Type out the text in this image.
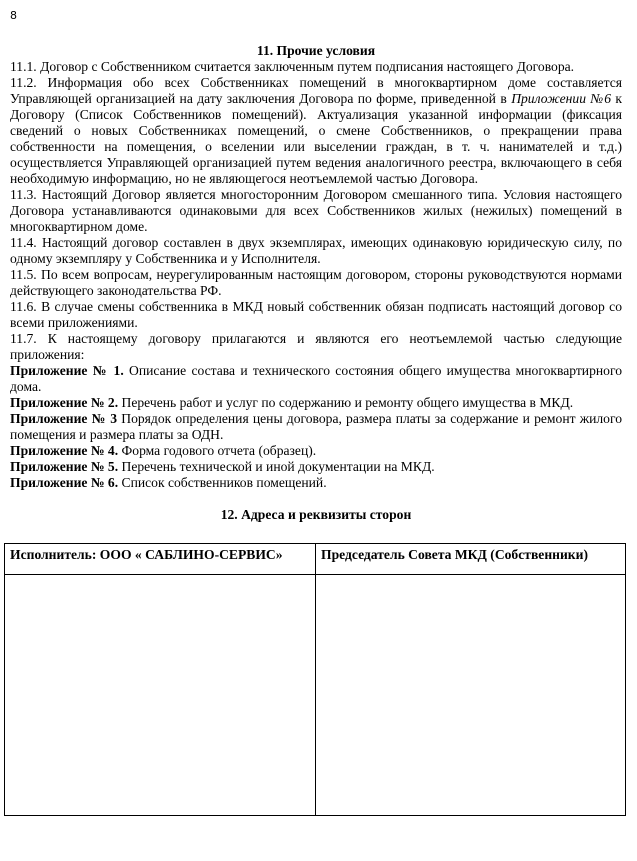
8

11. Прочие условия

11.1. Договор с Собственником считается заключенным путем подписания настоящего Договора.

11.2. Информация обо всех Собственниках помещений в многоквартирном доме составляется Управляющей организацией на дату заключения Договора по форме, приведенной в Приложении №6 к Договору (Список Собственников помещений). Актуализация указанной информации (фиксация сведений о новых Собственниках помещений, о смене Собственников, о прекращении права собственности на помещения, о вселении или выселении граждан, в т. ч. нанимателей и т.д.) осуществляется Управляющей организацией путем ведения аналогичного реестра, включающего в себя необходимую информацию, но не являющегося неотъемлемой частью Договора.

11.3. Настоящий Договор является многосторонним Договором смешанного типа. Условия настоящего Договора устанавливаются одинаковыми для всех Собственников жилых (нежилых) помещений в многоквартирном доме.

11.4. Настоящий договор составлен в двух экземплярах, имеющих одинаковую юридическую силу, по одному экземпляру у Собственника и у Исполнителя.

11.5. По всем вопросам, неурегулированным настоящим договором, стороны руководствуются нормами действующего законодательства РФ.

11.6. В случае смены собственника в МКД новый собственник обязан подписать настоящий договор со всеми приложениями.

11.7. К настоящему договору прилагаются и являются его неотъемлемой частью следующие приложения:

Приложение № 1. Описание состава и технического состояния общего имущества многоквартирного дома.

Приложение № 2. Перечень работ и услуг по содержанию и ремонту общего имущества в МКД.

Приложение № 3 Порядок определения цены договора, размера платы за содержание и ремонт жилого помещения и размера платы за ОДН.

Приложение № 4. Форма годового отчета (образец).

Приложение № 5. Перечень технической и иной документации на МКД.

Приложение № 6. Список собственников помещений.

12. Адреса и реквизиты сторон

Исполнитель: ООО « САБЛИНО-СЕРВИС»	Председатель Совета МКД (Собственники)
